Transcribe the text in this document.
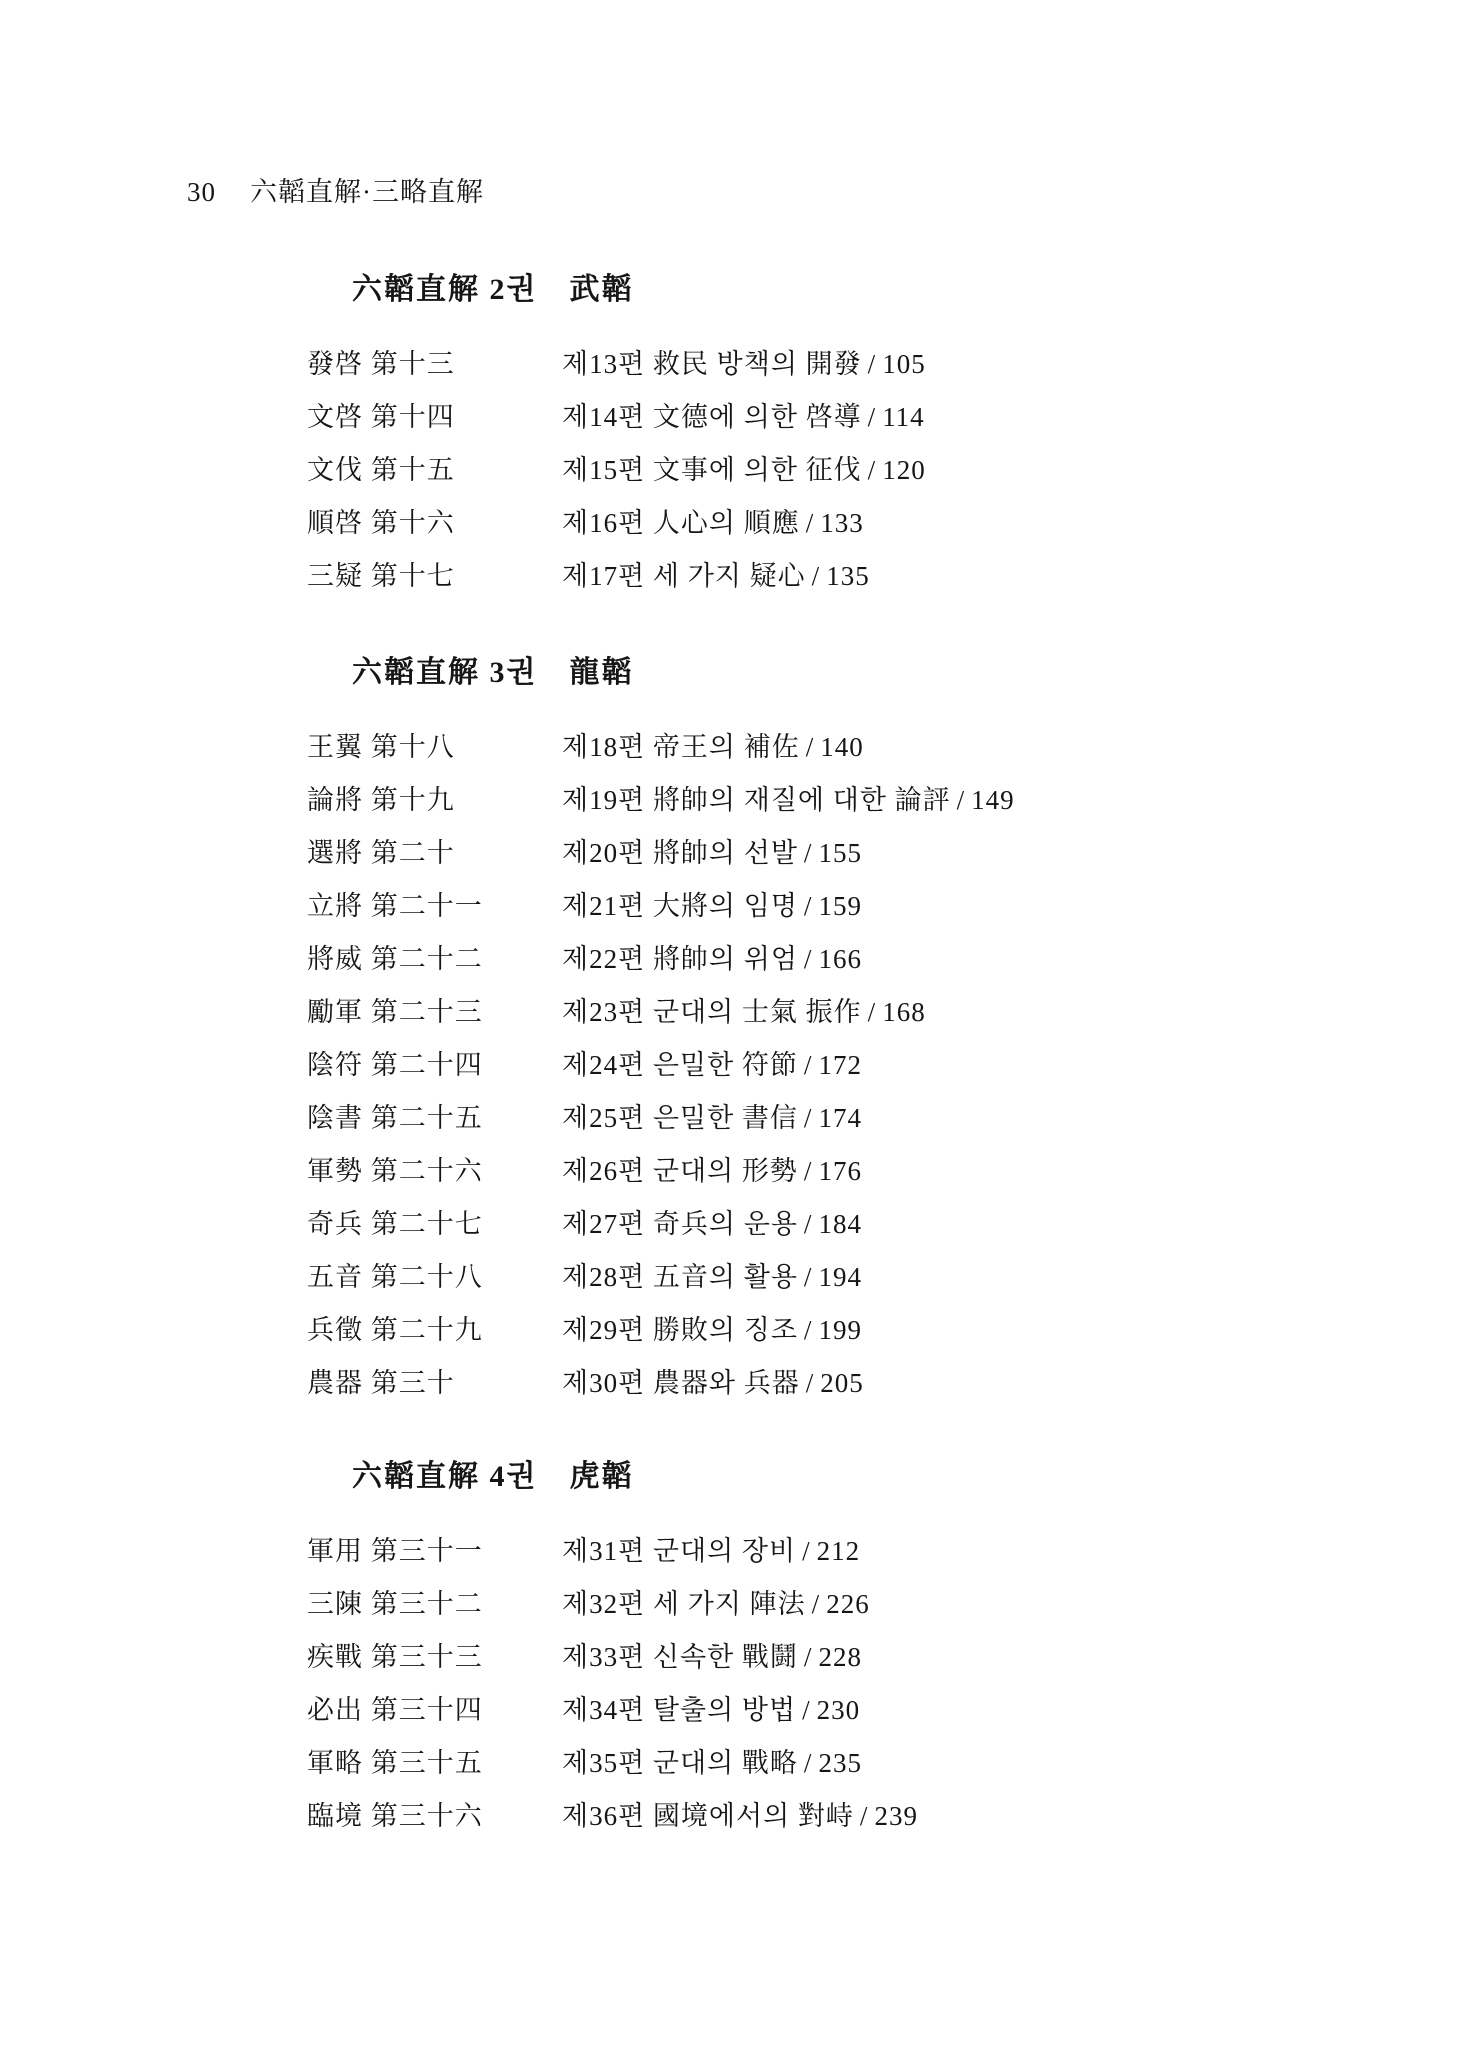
30 六韜直解·三略直解
六韜直解 2권 武韜
發啓 第十三	제13편 救民 방책의 開發 / 105
文啓 第十四	제14편 文德에 의한 啓導 / 114
文伐 第十五	제15편 文事에 의한 征伐 / 120
順啓 第十六	제16편 人心의 順應 / 133
三疑 第十七	제17편 세 가지 疑心 / 135
六韜直解 3권 龍韜
王翼 第十八	제18편 帝王의 補佐 / 140
論將 第十九	제19편 將帥의 재질에 대한 論評 / 149
選將 第二十	제20편 將帥의 선발 / 155
立將 第二十一	제21편 大將의 임명 / 159
將威 第二十二	제22편 將帥의 위엄 / 166
勵軍 第二十三	제23편 군대의 士氣 振作 / 168
陰符 第二十四	제24편 은밀한 符節 / 172
陰書 第二十五	제25편 은밀한 書信 / 174
軍勢 第二十六	제26편 군대의 形勢 / 176
奇兵 第二十七	제27편 奇兵의 운용 / 184
五音 第二十八	제28편 五音의 활용 / 194
兵徵 第二十九	제29편 勝敗의 징조 / 199
農器 第三十	제30편 農器와 兵器 / 205
六韜直解 4권 虎韜
軍用 第三十一	제31편 군대의 장비 / 212
三陳 第三十二	제32편 세 가지 陣法 / 226
疾戰 第三十三	제33편 신속한 戰鬪 / 228
必出 第三十四	제34편 탈출의 방법 / 230
軍略 第三十五	제35편 군대의 戰略 / 235
臨境 第三十六	제36편 國境에서의 對峙 / 239
